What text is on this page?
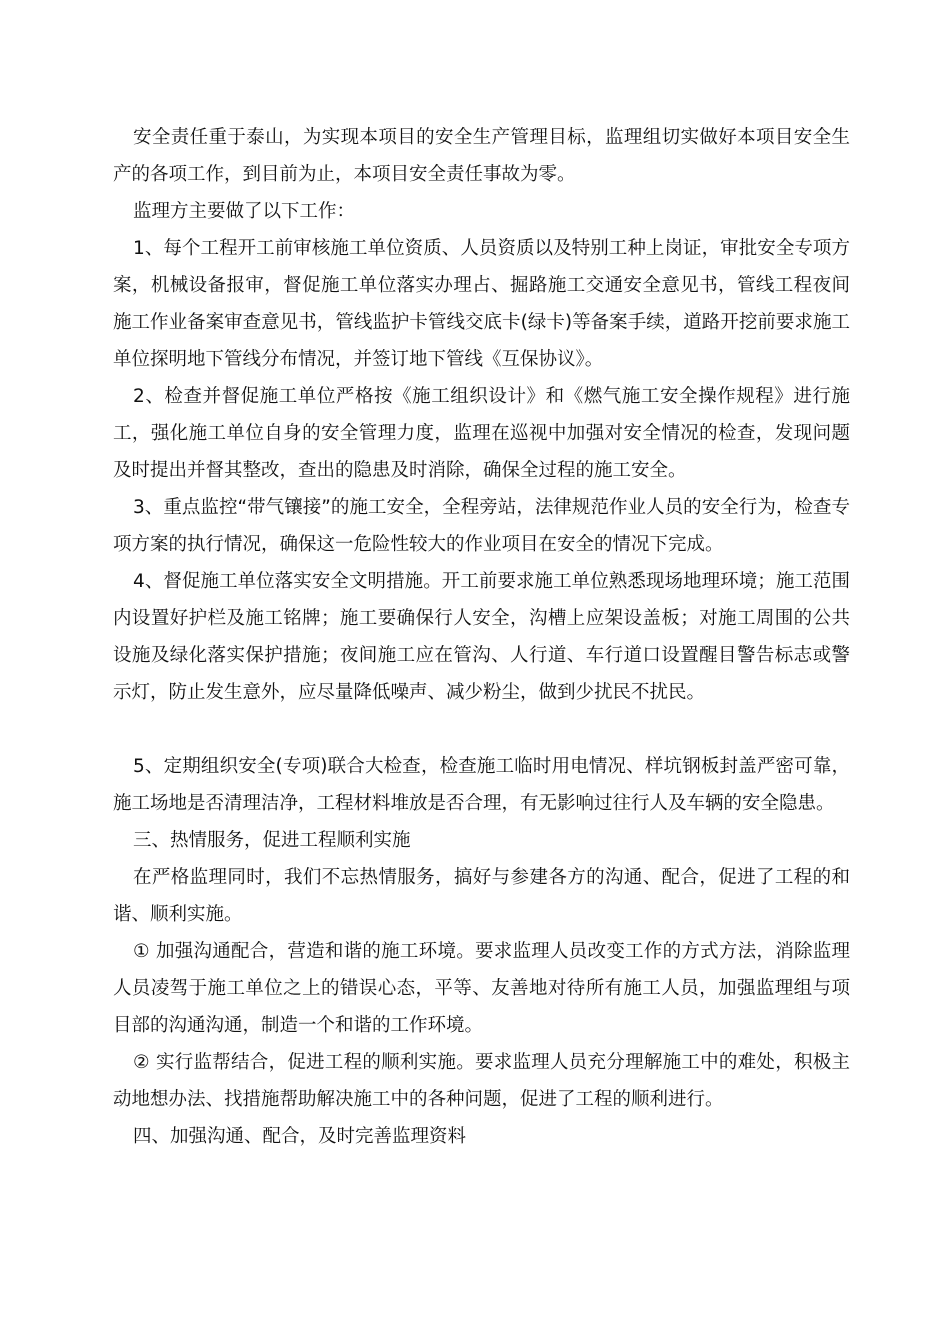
安全责任重于泰山，为实现本项目的安全生产管理目标，监理组切实做好本项目安全生产的各项工作，到目前为止，本项目安全责任事故为零。

监理方主要做了以下工作：

1、每个工程开工前审核施工单位资质、人员资质以及特别工种上岗证，审批安全专项方案，机械设备报审，督促施工单位落实办理占、掘路施工交通安全意见书，管线工程夜间施工作业备案审查意见书，管线监护卡管线交底卡(绿卡)等备案手续，道路开挖前要求施工单位探明地下管线分布情况，并签订地下管线《互保协议》。

2、检查并督促施工单位严格按《施工组织设计》和《燃气施工安全操作规程》进行施工，强化施工单位自身的安全管理力度，监理在巡视中加强对安全情况的检查，发现问题及时提出并督其整改，查出的隐患及时消除，确保全过程的施工安全。

3、重点监控“带气镶接”的施工安全，全程旁站，法律规范作业人员的安全行为，检查专项方案的执行情况，确保这一危险性较大的作业项目在安全的情况下完成。

4、督促施工单位落实安全文明措施。开工前要求施工单位熟悉现场地理环境；施工范围内设置好护栏及施工铭牌；施工要确保行人安全，沟槽上应架设盖板；对施工周围的公共设施及绿化落实保护措施；夜间施工应在管沟、人行道、车行道口设置醒目警告标志或警示灯，防止发生意外，应尽量降低噪声、减少粉尘，做到少扰民不扰民。

5、定期组织安全(专项)联合大检查，检查施工临时用电情况、样坑钢板封盖严密可靠，施工场地是否清理洁净，工程材料堆放是否合理，有无影响过往行人及车辆的安全隐患。

三、热情服务，促进工程顺利实施

在严格监理同时，我们不忘热情服务，搞好与参建各方的沟通、配合，促进了工程的和谐、顺利实施。

① 加强沟通配合，营造和谐的施工环境。要求监理人员改变工作的方式方法，消除监理人员凌驾于施工单位之上的错误心态，平等、友善地对待所有施工人员，加强监理组与项目部的沟通沟通，制造一个和谐的工作环境。

② 实行监帮结合，促进工程的顺利实施。要求监理人员充分理解施工中的难处，积极主动地想办法、找措施帮助解决施工中的各种问题，促进了工程的顺利进行。

四、加强沟通、配合，及时完善监理资料
